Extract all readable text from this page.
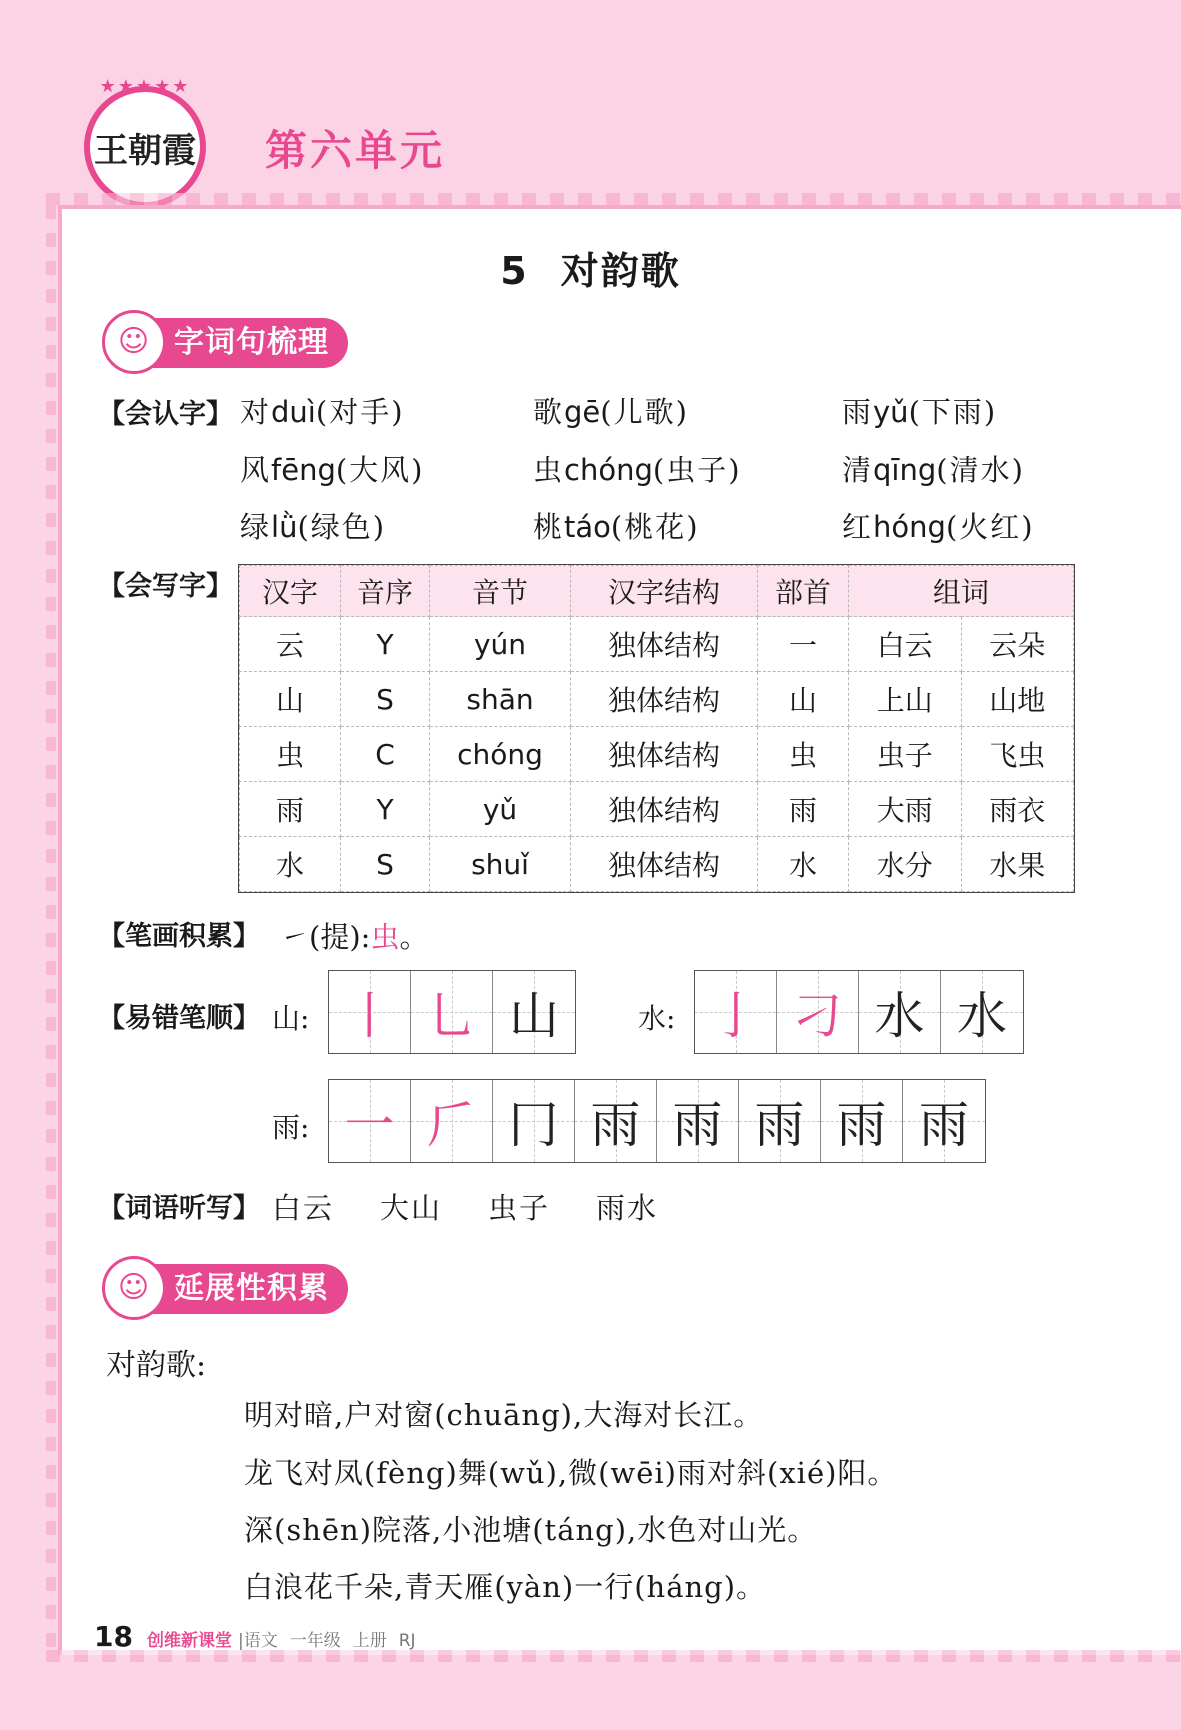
★★★★★
王朝霞 第六单元
5 对韵歌
☺ 字词句梳理
【会认字】 对duì(对手)	歌gē(儿歌)	雨yǔ(下雨)
风fēng(大风)	虫chóng(虫子)	清qīng(清水)
绿lǜ(绿色)	桃táo(桃花)	红hóng(火红)
【会写字】 汉字	音序	音节	汉字结构	部首	组词	
云	Y	yún	独体结构	一	白云	云朵
山	S	shān	独体结构	山	上山	山地
虫	C	chóng	独体结构	虫	虫子	飞虫
雨	Y	yǔ	独体结构	雨	大雨	雨衣
水	S	shuǐ	独体结构	水	水分	水果
【笔画积累】 ㇀(提):虫。
【易错笔顺】 山: 丨 乚 山	水: 亅 刁 水 水
雨: 一 𠂆 冂 雨 雨 雨 雨 雨
【词语听写】 白云 大山 虫子 雨水
☺ 延展性积累
对韵歌:
明对暗,户对窗(chuāng),大海对长江。
龙飞对凤(fèng)舞(wǔ),微(wēi)雨对斜(xié)阳。
深(shēn)院落,小池塘(táng),水色对山光。
白浪花千朵,青天雁(yàn)一行(háng)。
18 创维新课堂 |语文 一年级 上册 RJ
